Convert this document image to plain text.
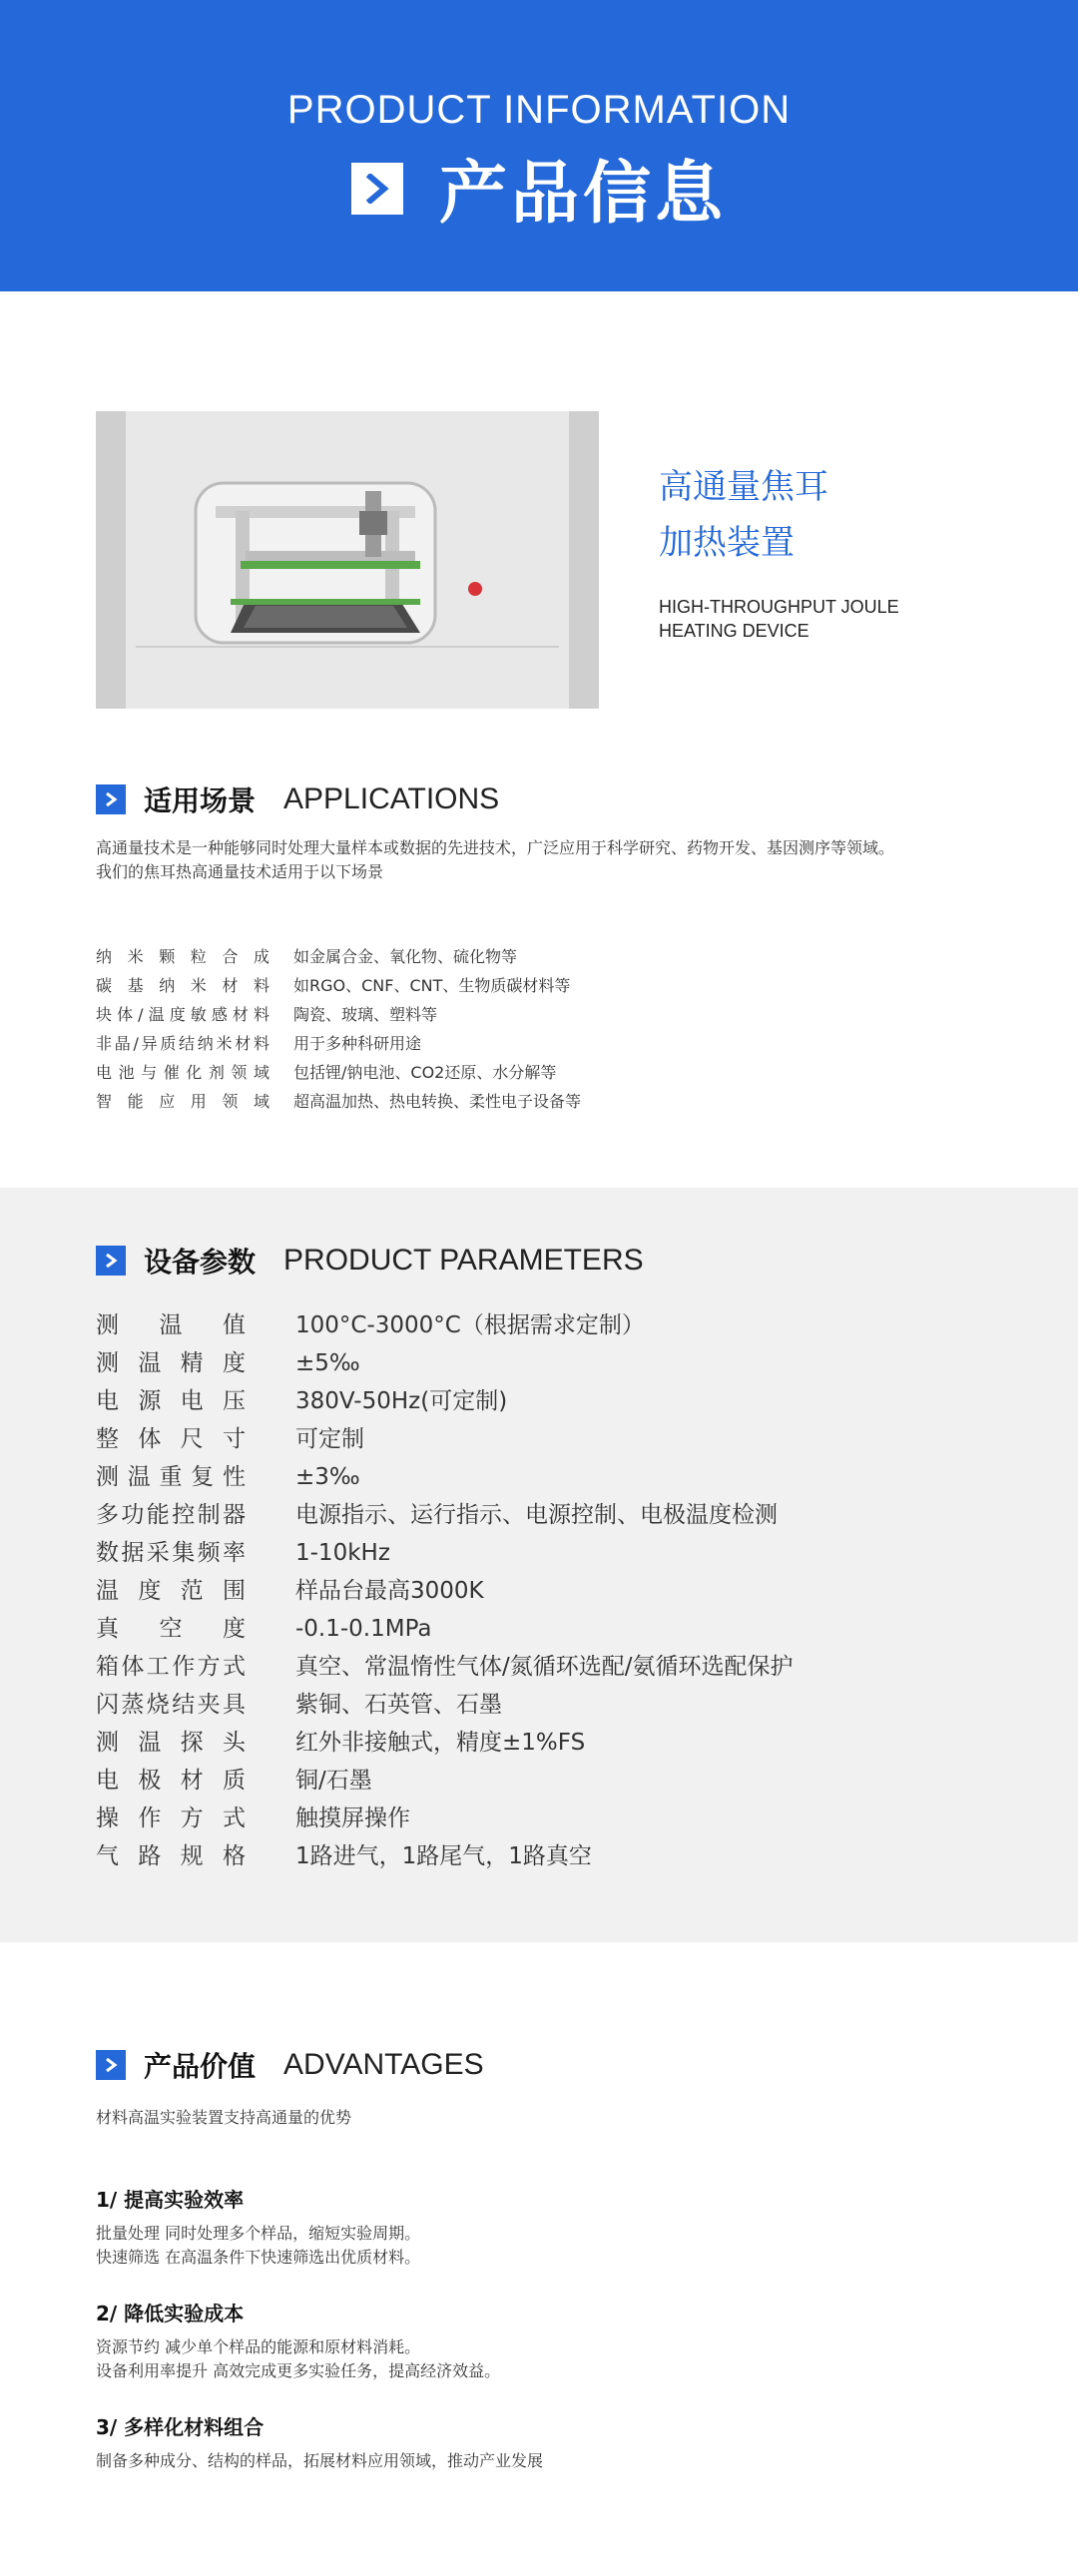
PRODUCT INFORMATION
产品信息
高通量焦耳
加热装置
HIGH-THROUGHPUT JOULE
HEATING DEVICE
适用场景 APPLICATIONS
高通量技术是一种能够同时处理大量样本或数据的先进技术，广泛应用于科学研究、药物开发、基因测序等领域。
我们的焦耳热高通量技术适用于以下场景
纳米颗粒合成 如金属合金、氧化物、硫化物等
碳基纳米材料 如RGO、CNF、CNT、生物质碳材料等
块体/温度敏感材料 陶瓷、玻璃、塑料等
非晶/异质结纳米材料 用于多种科研用途
电池与催化剂领域 包括锂/钠电池、CO2还原、水分解等
智能应用领域 超高温加热、热电转换、柔性电子设备等
设备参数 PRODUCT PARAMETERS
测温值 100°C-3000°C（根据需求定制）
测温精度 ±5‰
电源电压 380V-50Hz(可定制)
整体尺寸 可定制
测温重复性 ±3‰
多功能控制器 电源指示、运行指示、电源控制、电极温度检测
数据采集频率 1-10kHz
温度范围 样品台最高3000K
真空度 -0.1-0.1MPa
箱体工作方式 真空、常温惰性气体/氮循环选配/氨循环选配保护
闪蒸烧结夹具 紫铜、石英管、石墨
测温探头 红外非接触式，精度±1%FS
电极材质 铜/石墨
操作方式 触摸屏操作
气路规格 1路进气，1路尾气，1路真空
产品价值 ADVANTAGES
材料高温实验装置支持高通量的优势
1/ 提高实验效率
批量处理 同时处理多个样品，缩短实验周期。
快速筛选 在高温条件下快速筛选出优质材料。
2/ 降低实验成本
资源节约 减少单个样品的能源和原材料消耗。
设备利用率提升 高效完成更多实验任务，提高经济效益。
3/ 多样化材料组合
制备多种成分、结构的样品，拓展材料应用领域，推动产业发展
